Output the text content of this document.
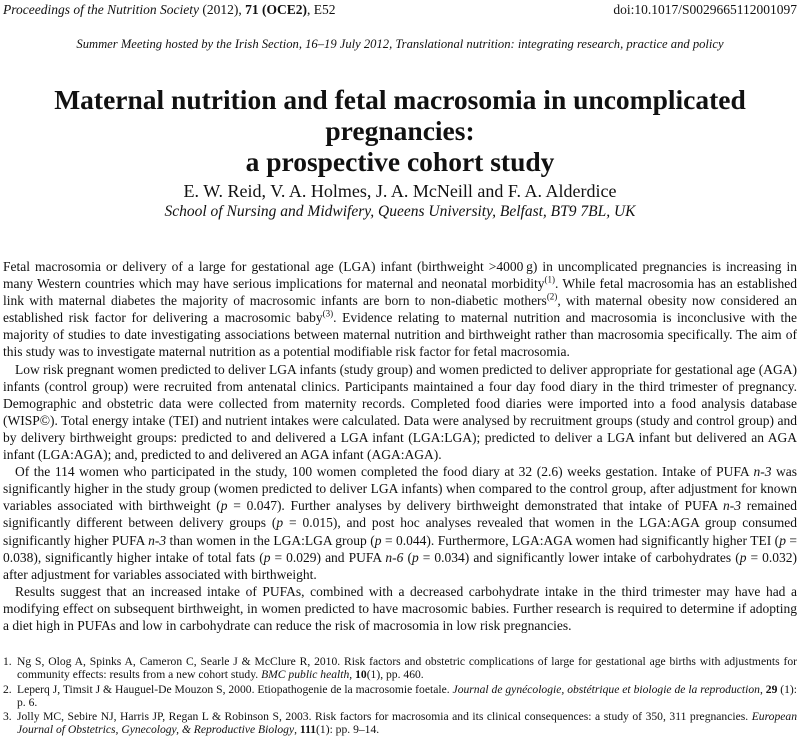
Proceedings of the Nutrition Society (2012), 71 (OCE2), E52	doi:10.1017/S0029665112001097
Summer Meeting hosted by the Irish Section, 16–19 July 2012, Translational nutrition: integrating research, practice and policy
Maternal nutrition and fetal macrosomia in uncomplicated pregnancies:
a prospective cohort study
E. W. Reid, V. A. Holmes, J. A. McNeill and F. A. Alderdice
School of Nursing and Midwifery, Queens University, Belfast, BT9 7BL, UK

Fetal macrosomia or delivery of a large for gestational age (LGA) infant (birthweight >4000 g) in uncomplicated pregnancies is increasing in many Western countries which may have serious implications for maternal and neonatal morbidity$^{(1)}$. While fetal macrosomia has an established link with maternal diabetes the majority of macrosomic infants are born to non-diabetic mothers$^{(2)}$, with maternal obesity now considered an established risk factor for delivering a macrosomic baby$^{(3)}$. Evidence relating to maternal nutrition and macrosomia is inconclusive with the majority of studies to date investigating associations between maternal nutrition and birthweight rather than macrosomia specifically. The aim of this study was to investigate maternal nutrition as a potential modifiable risk factor for fetal macrosomia.

Low risk pregnant women predicted to deliver LGA infants (study group) and women predicted to deliver appropriate for gestational age (AGA) infants (control group) were recruited from antenatal clinics. Participants maintained a four day food diary in the third trimester of pregnancy. Demographic and obstetric data were collected from maternity records. Completed food diaries were imported into a food analysis database (WISP©). Total energy intake (TEI) and nutrient intakes were calculated. Data were analysed by recruitment groups (study and control group) and by delivery birthweight groups: predicted to and delivered a LGA infant (LGA:LGA); predicted to deliver a LGA infant but delivered an AGA infant (LGA:AGA); and, predicted to and delivered an AGA infant (AGA:AGA).

Of the 114 women who participated in the study, 100 women completed the food diary at 32 (2.6) weeks gestation. Intake of PUFA n-3 was significantly higher in the study group (women predicted to deliver LGA infants) when compared to the control group, after adjustment for known variables associated with birthweight (p = 0.047). Further analyses by delivery birthweight demonstrated that intake of PUFA n-3 remained significantly different between delivery groups (p = 0.015), and post hoc analyses revealed that women in the LGA:AGA group consumed significantly higher PUFA n-3 than women in the LGA:LGA group (p = 0.044). Furthermore, LGA:AGA women had significantly higher TEI (p = 0.038), significantly higher intake of total fats (p = 0.029) and PUFA n-6 (p = 0.034) and significantly lower intake of carbohydrates (p = 0.032) after adjustment for variables associated with birthweight.

Results suggest that an increased intake of PUFAs, combined with a decreased carbohydrate intake in the third trimester may have had a modifying effect on subsequent birthweight, in women predicted to have macrosomic babies. Further research is required to determine if adopting a diet high in PUFAs and low in carbohydrate can reduce the risk of macrosomia in low risk pregnancies.

1. Ng S, Olog A, Spinks A, Cameron C, Searle J & McClure R, 2010. Risk factors and obstetric complications of large for gestational age births with adjustments for community effects: results from a new cohort study. BMC public health, 10(1), pp. 460.
2. Leperq J, Timsit J & Hauguel-De Mouzon S, 2000. Etiopathogenie de la macrosomie foetale. Journal de gynécologie, obstétrique et biologie de la reproduction, 29 (1): p. 6.
3. Jolly MC, Sebire NJ, Harris JP, Regan L & Robinson S, 2003. Risk factors for macrosomia and its clinical consequences: a study of 350, 311 pregnancies. European Journal of Obstetrics, Gynecology, & Reproductive Biology, 111(1): pp. 9–14.
